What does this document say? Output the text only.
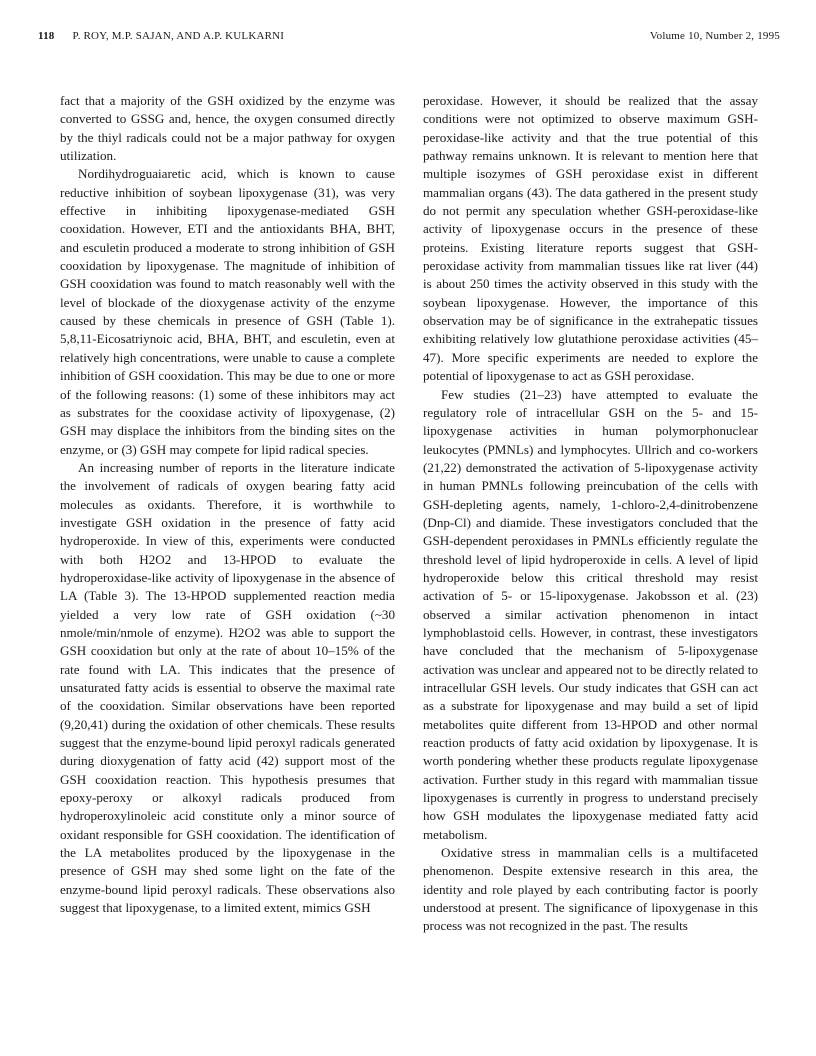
118 P. ROY, M.P. SAJAN, AND A.P. KULKARNI	Volume 10, Number 2, 1995

fact that a majority of the GSH oxidized by the enzyme was converted to GSSG and, hence, the oxygen consumed directly by the thiyl radicals could not be a major pathway for oxygen utilization.

Nordihydroguaiaretic acid, which is known to cause reductive inhibition of soybean lipoxygenase (31), was very effective in inhibiting lipoxygenase-mediated GSH cooxidation. However, ETI and the antioxidants BHA, BHT, and esculetin produced a moderate to strong inhibition of GSH cooxidation by lipoxygenase. The magnitude of inhibition of GSH cooxidation was found to match reasonably well with the level of blockade of the dioxygenase activity of the enzyme caused by these chemicals in presence of GSH (Table 1). 5,8,11-Eicosatriynoic acid, BHA, BHT, and esculetin, even at relatively high concentrations, were unable to cause a complete inhibition of GSH cooxidation. This may be due to one or more of the following reasons: (1) some of these inhibitors may act as substrates for the cooxidase activity of lipoxygenase, (2) GSH may displace the inhibitors from the binding sites on the enzyme, or (3) GSH may compete for lipid radical species.

An increasing number of reports in the literature indicate the involvement of radicals of oxygen bearing fatty acid molecules as oxidants. Therefore, it is worthwhile to investigate GSH oxidation in the presence of fatty acid hydroperoxide. In view of this, experiments were conducted with both H2O2 and 13-HPOD to evaluate the hydroperoxidase-like activity of lipoxygenase in the absence of LA (Table 3). The 13-HPOD supplemented reaction media yielded a very low rate of GSH oxidation (~30 nmole/min/nmole of enzyme). H2O2 was able to support the GSH cooxidation but only at the rate of about 10–15% of the rate found with LA. This indicates that the presence of unsaturated fatty acids is essential to observe the maximal rate of the cooxidation. Similar observations have been reported (9,20,41) during the oxidation of other chemicals. These results suggest that the enzyme-bound lipid peroxyl radicals generated during dioxygenation of fatty acid (42) support most of the GSH cooxidation reaction. This hypothesis presumes that epoxy-peroxy or alkoxyl radicals produced from hydroperoxylinoleic acid constitute only a minor source of oxidant responsible for GSH cooxidation. The identification of the LA metabolites produced by the lipoxygenase in the presence of GSH may shed some light on the fate of the enzyme-bound lipid peroxyl radicals. These observations also suggest that lipoxygenase, to a limited extent, mimics GSH

peroxidase. However, it should be realized that the assay conditions were not optimized to observe maximum GSH-peroxidase-like activity and that the true potential of this pathway remains unknown. It is relevant to mention here that multiple isozymes of GSH peroxidase exist in different mammalian organs (43). The data gathered in the present study do not permit any speculation whether GSH-peroxidase-like activity of lipoxygenase occurs in the presence of these proteins. Existing literature reports suggest that GSH-peroxidase activity from mammalian tissues like rat liver (44) is about 250 times the activity observed in this study with the soybean lipoxygenase. However, the importance of this observation may be of significance in the extrahepatic tissues exhibiting relatively low glutathione peroxidase activities (45–47). More specific experiments are needed to explore the potential of lipoxygenase to act as GSH peroxidase.

Few studies (21–23) have attempted to evaluate the regulatory role of intracellular GSH on the 5- and 15-lipoxygenase activities in human polymorphonuclear leukocytes (PMNLs) and lymphocytes. Ullrich and co-workers (21,22) demonstrated the activation of 5-lipoxygenase activity in human PMNLs following preincubation of the cells with GSH-depleting agents, namely, 1-chloro-2,4-dinitrobenzene (Dnp-Cl) and diamide. These investigators concluded that the GSH-dependent peroxidases in PMNLs efficiently regulate the threshold level of lipid hydroperoxide in cells. A level of lipid hydroperoxide below this critical threshold may resist activation of 5- or 15-lipoxygenase. Jakobsson et al. (23) observed a similar activation phenomenon in intact lymphoblastoid cells. However, in contrast, these investigators have concluded that the mechanism of 5-lipoxygenase activation was unclear and appeared not to be directly related to intracellular GSH levels. Our study indicates that GSH can act as a substrate for lipoxygenase and may build a set of lipid metabolites quite different from 13-HPOD and other normal reaction products of fatty acid oxidation by lipoxygenase. It is worth pondering whether these products regulate lipoxygenase activation. Further study in this regard with mammalian tissue lipoxygenases is currently in progress to understand precisely how GSH modulates the lipoxygenase mediated fatty acid metabolism.

Oxidative stress in mammalian cells is a multifaceted phenomenon. Despite extensive research in this area, the identity and role played by each contributing factor is poorly understood at present. The significance of lipoxygenase in this process was not recognized in the past. The results
